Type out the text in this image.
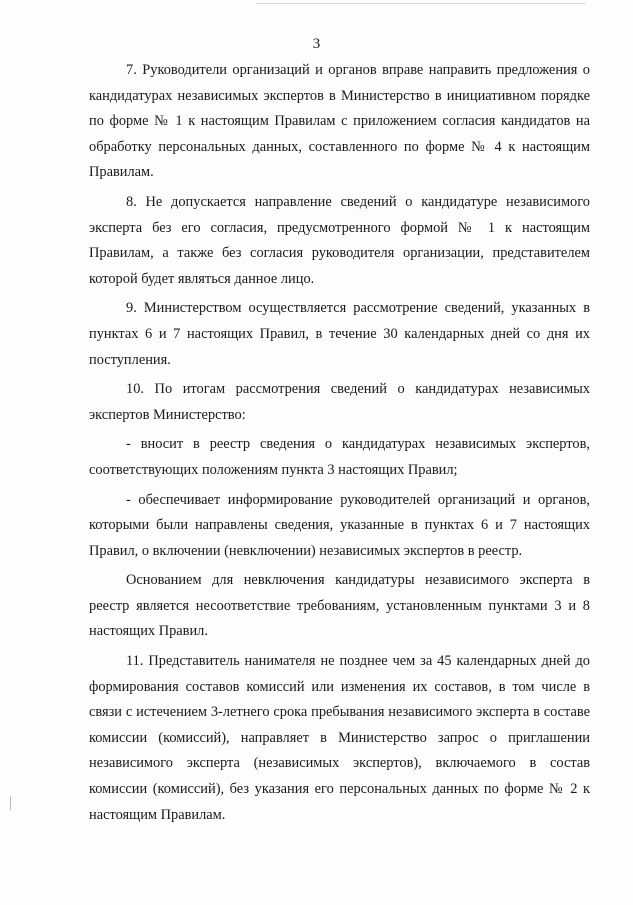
3

7. Руководители организаций и органов вправе направить предложения о кандидатурах независимых экспертов в Министерство в инициативном порядке по форме № 1 к настоящим Правилам с приложением согласия кандидатов на обработку персональных данных, составленного по форме № 4 к настоящим Правилам.

8. Не допускается направление сведений о кандидатуре независимого эксперта без его согласия, предусмотренного формой № 1 к настоящим Правилам, а также без согласия руководителя организации, представителем которой будет являться данное лицо.

9. Министерством осуществляется рассмотрение сведений, указанных в пунктах 6 и 7 настоящих Правил, в течение 30 календарных дней со дня их поступления.

10. По итогам рассмотрения сведений о кандидатурах независимых экспертов Министерство:

- вносит в реестр сведения о кандидатурах независимых экспертов, соответствующих положениям пункта 3 настоящих Правил;

- обеспечивает информирование руководителей организаций и органов, которыми были направлены сведения, указанные в пунктах 6 и 7 настоящих Правил, о включении (невключении) независимых экспертов в реестр.

Основанием для невключения кандидатуры независимого эксперта в реестр является несоответствие требованиям, установленным пунктами 3 и 8 настоящих Правил.

11. Представитель нанимателя не позднее чем за 45 календарных дней до формирования составов комиссий или изменения их составов, в том числе в связи с истечением 3-летнего срока пребывания независимого эксперта в составе комиссии (комиссий), направляет в Министерство запрос о приглашении независимого эксперта (независимых экспертов), включаемого в состав комиссии (комиссий), без указания его персональных данных по форме № 2 к настоящим Правилам.
